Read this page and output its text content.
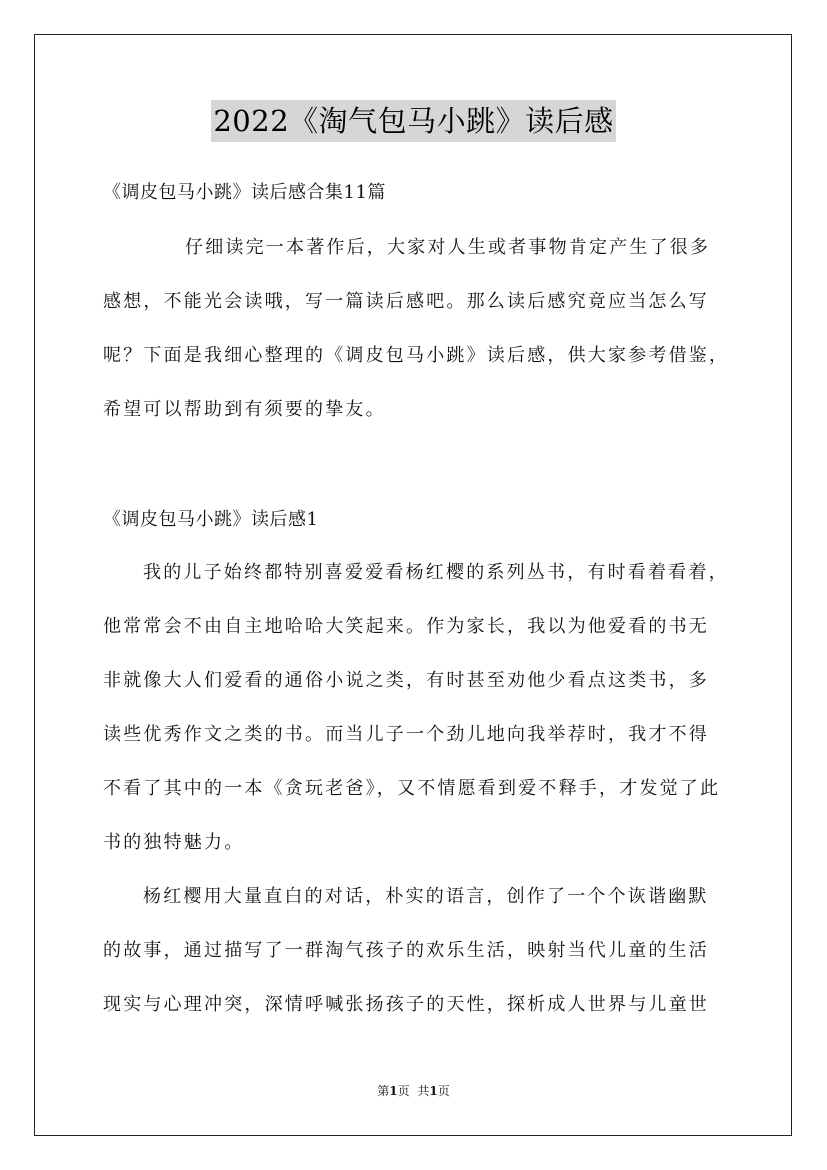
2022《淘气包马小跳》读后感
《调皮包马小跳》读后感合集11篇
仔细读完一本著作后，大家对人生或者事物肯定产生了很多
感想，不能光会读哦，写一篇读后感吧。那么读后感究竟应当怎么写
呢？下面是我细心整理的《调皮包马小跳》读后感，供大家参考借鉴，
希望可以帮助到有须要的挚友。
《调皮包马小跳》读后感1
我的儿子始终都特别喜爱爱看杨红樱的系列丛书，有时看着看着，
他常常会不由自主地哈哈大笑起来。作为家长，我以为他爱看的书无
非就像大人们爱看的通俗小说之类，有时甚至劝他少看点这类书，多
读些优秀作文之类的书。而当儿子一个劲儿地向我举荐时，我才不得
不看了其中的一本《贪玩老爸》，又不情愿看到爱不释手，才发觉了此
书的独特魅力。
杨红樱用大量直白的对话，朴实的语言，创作了一个个诙谐幽默
的故事，通过描写了一群淘气孩子的欢乐生活，映射当代儿童的生活
现实与心理冲突，深情呼喊张扬孩子的天性，探析成人世界与儿童世
第1页 共1页
